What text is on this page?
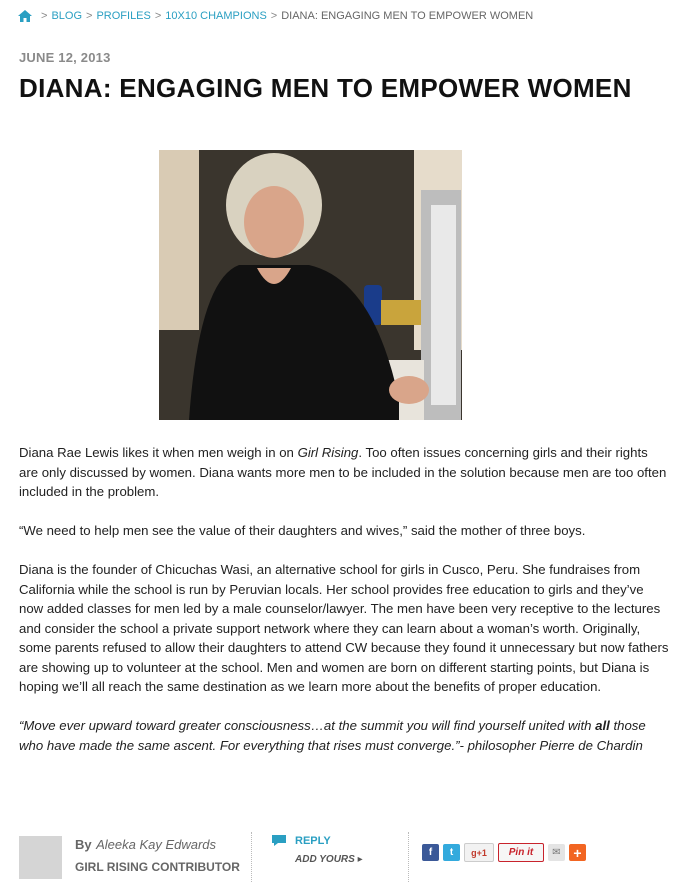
> BLOG > PROFILES > 10X10 CHAMPIONS > DIANA: ENGAGING MEN TO EMPOWER WOMEN
JUNE 12, 2013
DIANA: ENGAGING MEN TO EMPOWER WOMEN

Diana Rae Lewis likes it when men weigh in on Girl Rising. Too often issues concerning girls and their rights are only discussed by women. Diana wants more men to be included in the solution because men are too often included in the problem.

“We need to help men see the value of their daughters and wives,” said the mother of three boys.

Diana is the founder of Chicuchas Wasi, an alternative school for girls in Cusco, Peru. She fundraises from California while the school is run by Peruvian locals. Her school provides free education to girls and they’ve now added classes for men led by a male counselor/lawyer. The men have been very receptive to the lectures and consider the school a private support network where they can learn about a woman’s worth. Originally, some parents refused to allow their daughters to attend CW because they found it unnecessary but now fathers are showing up to volunteer at the school. Men and women are born on different starting points, but Diana is hoping we’ll all reach the same destination as we learn more about the benefits of proper education.

“Move ever upward toward greater consciousness…at the summit you will find yourself united with all those who have made the same ascent. For everything that rises must converge.”- philosopher Pierre de Chardin

By Aleeka Kay Edwards
GIRL RISING CONTRIBUTOR
REPLY
ADD YOURS ▸
f	t	g+1	Pin it	✉ +
